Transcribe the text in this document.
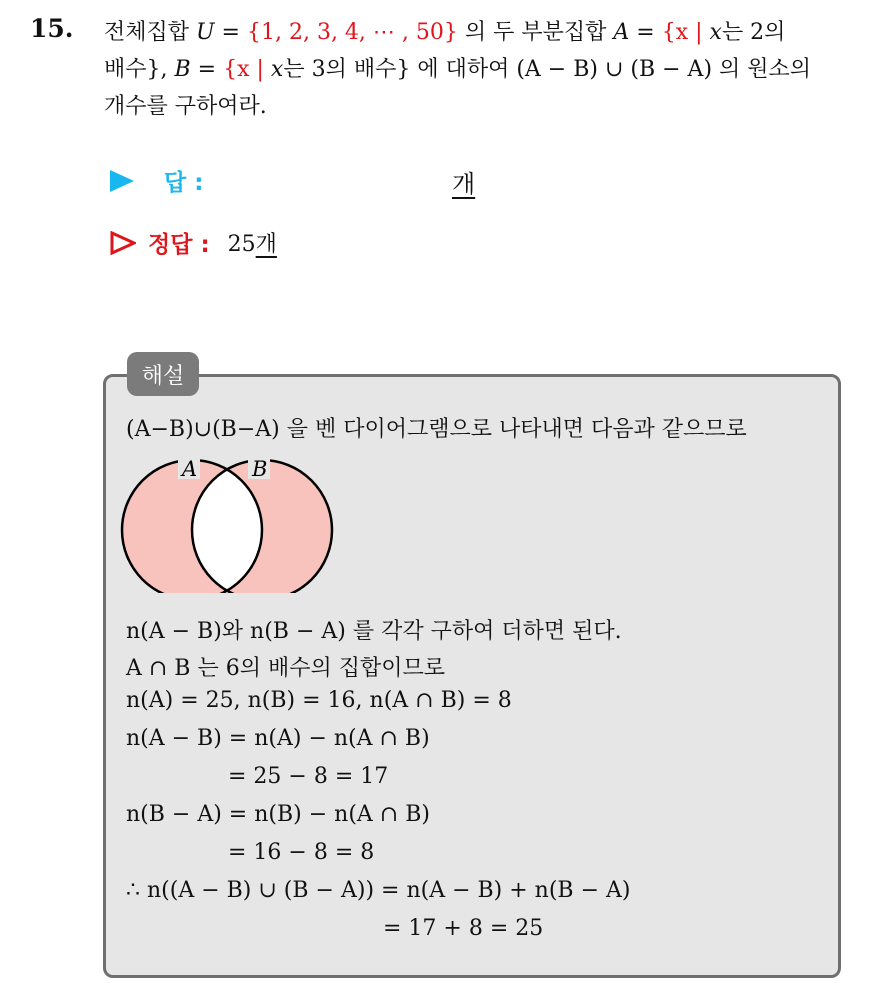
15. 전체집합 U = {1, 2, 3, 4, ⋯ , 50} 의 두 부분집합 A = {x | x는 2의
배수}, B = {x | x는 3의 배수} 에 대하여 (A − B) ∪ (B − A) 의 원소의
개수를 구하여라.
답 :	개
정답 : 25개
해설
(A−B)∪(B−A) 을 벤 다이어그램으로 나타내면 다음과 같으므로
A	B
n(A − B)와 n(B − A) 를 각각 구하여 더하면 된다.
A ∩ B 는 6의 배수의 집합이므로
n(A) = 25, n(B) = 16, n(A ∩ B) = 8
n(A − B) = n(A) − n(A ∩ B)
= 25 − 8 = 17
n(B − A) = n(B) − n(A ∩ B)
= 16 − 8 = 8
∴ n((A − B) ∪ (B − A)) = n(A − B) + n(B − A)
= 17 + 8 = 25
